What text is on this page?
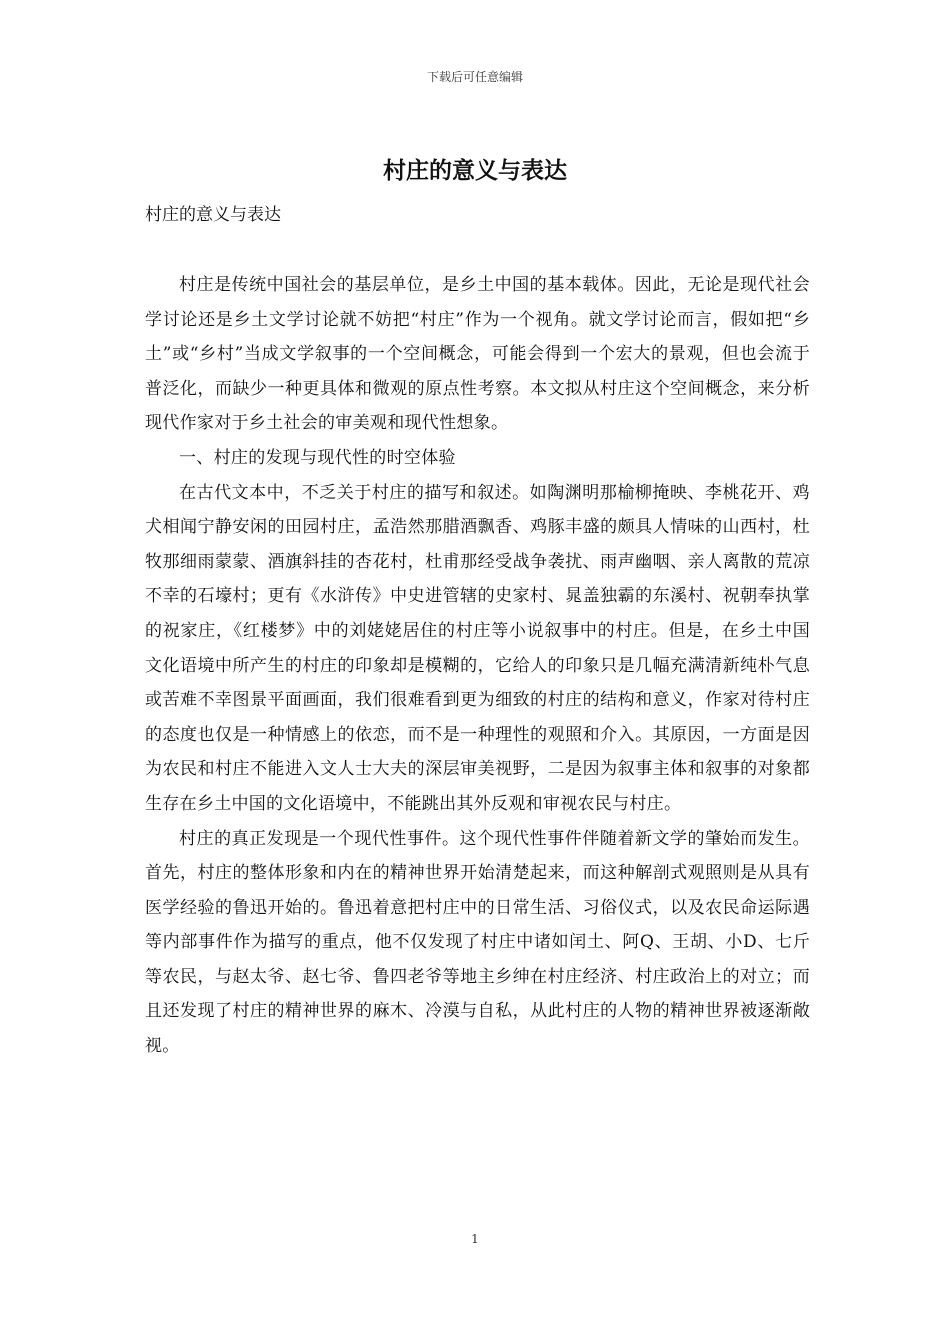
下载后可任意编辑
村庄的意义与表达

村庄的意义与表达

村庄是传统中国社会的基层单位，是乡土中国的基本载体。因此，无论是现代社会学讨论还是乡土文学讨论就不妨把“村庄”作为一个视角。就文学讨论而言，假如把“乡土”或“乡村”当成文学叙事的一个空间概念，可能会得到一个宏大的景观，但也会流于普泛化，而缺少一种更具体和微观的原点性考察。本文拟从村庄这个空间概念，来分析现代作家对于乡土社会的审美观和现代性想象。

一、村庄的发现与现代性的时空体验

在古代文本中，不乏关于村庄的描写和叙述。如陶渊明那榆柳掩映、李桃花开、鸡犬相闻宁静安闲的田园村庄，孟浩然那腊酒飘香、鸡豚丰盛的颇具人情味的山西村，杜牧那细雨蒙蒙、酒旗斜挂的杏花村，杜甫那经受战争袭扰、雨声幽咽、亲人离散的荒凉不幸的石壕村；更有《水浒传》中史进管辖的史家村、晁盖独霸的东溪村、祝朝奉执掌的祝家庄，《红楼梦》中的刘姥姥居住的村庄等小说叙事中的村庄。但是，在乡土中国文化语境中所产生的村庄的印象却是模糊的，它给人的印象只是几幅充满清新纯朴气息或苦难不幸图景平面画面，我们很难看到更为细致的村庄的结构和意义，作家对待村庄的态度也仅是一种情感上的依恋，而不是一种理性的观照和介入。其原因，一方面是因为农民和村庄不能进入文人士大夫的深层审美视野，二是因为叙事主体和叙事的对象都生存在乡土中国的文化语境中，不能跳出其外反观和审视农民与村庄。

村庄的真正发现是一个现代性事件。这个现代性事件伴随着新文学的肇始而发生。首先，村庄的整体形象和内在的精神世界开始清楚起来，而这种解剖式观照则是从具有医学经验的鲁迅开始的。鲁迅着意把村庄中的日常生活、习俗仪式，以及农民命运际遇等内部事件作为描写的重点，他不仅发现了村庄中诸如闰土、阿Q、王胡、小D、七斤等农民，与赵太爷、赵七爷、鲁四老爷等地主乡绅在村庄经济、村庄政治上的对立；而且还发现了村庄的精神世界的麻木、冷漠与自私，从此村庄的人物的精神世界被逐渐敞视。

1
